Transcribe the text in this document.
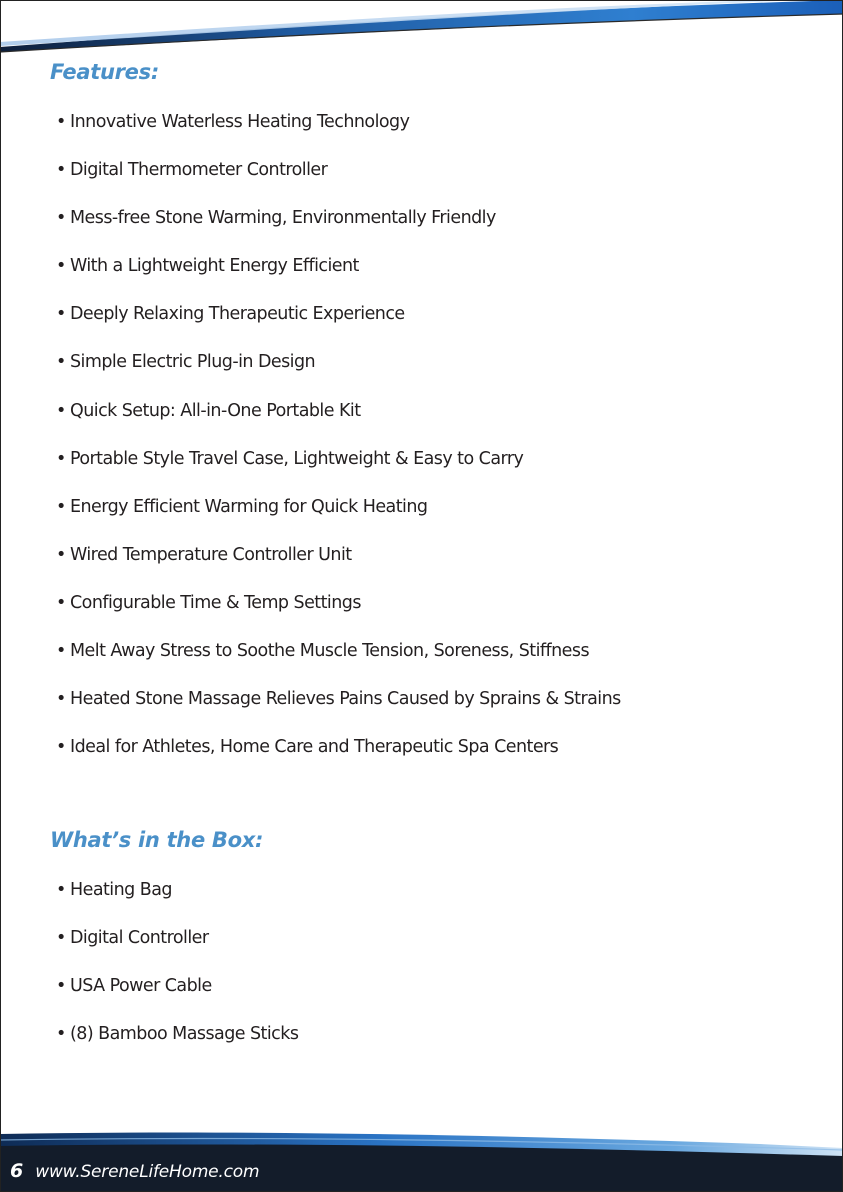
Features:
• Innovative Waterless Heating Technology
• Digital Thermometer Controller
• Mess-free Stone Warming, Environmentally Friendly
• With a Lightweight Energy Efficient
• Deeply Relaxing Therapeutic Experience
• Simple Electric Plug-in Design
• Quick Setup: All-in-One Portable Kit
• Portable Style Travel Case, Lightweight & Easy to Carry
• Energy Efficient Warming for Quick Heating
• Wired Temperature Controller Unit
• Configurable Time & Temp Settings
• Melt Away Stress to Soothe Muscle Tension, Soreness, Stiffness
• Heated Stone Massage Relieves Pains Caused by Sprains & Strains
• Ideal for Athletes, Home Care and Therapeutic Spa Centers
What’s in the Box:
• Heating Bag
• Digital Controller
• USA Power Cable
• (8) Bamboo Massage Sticks
6 www.SereneLifeHome.com
